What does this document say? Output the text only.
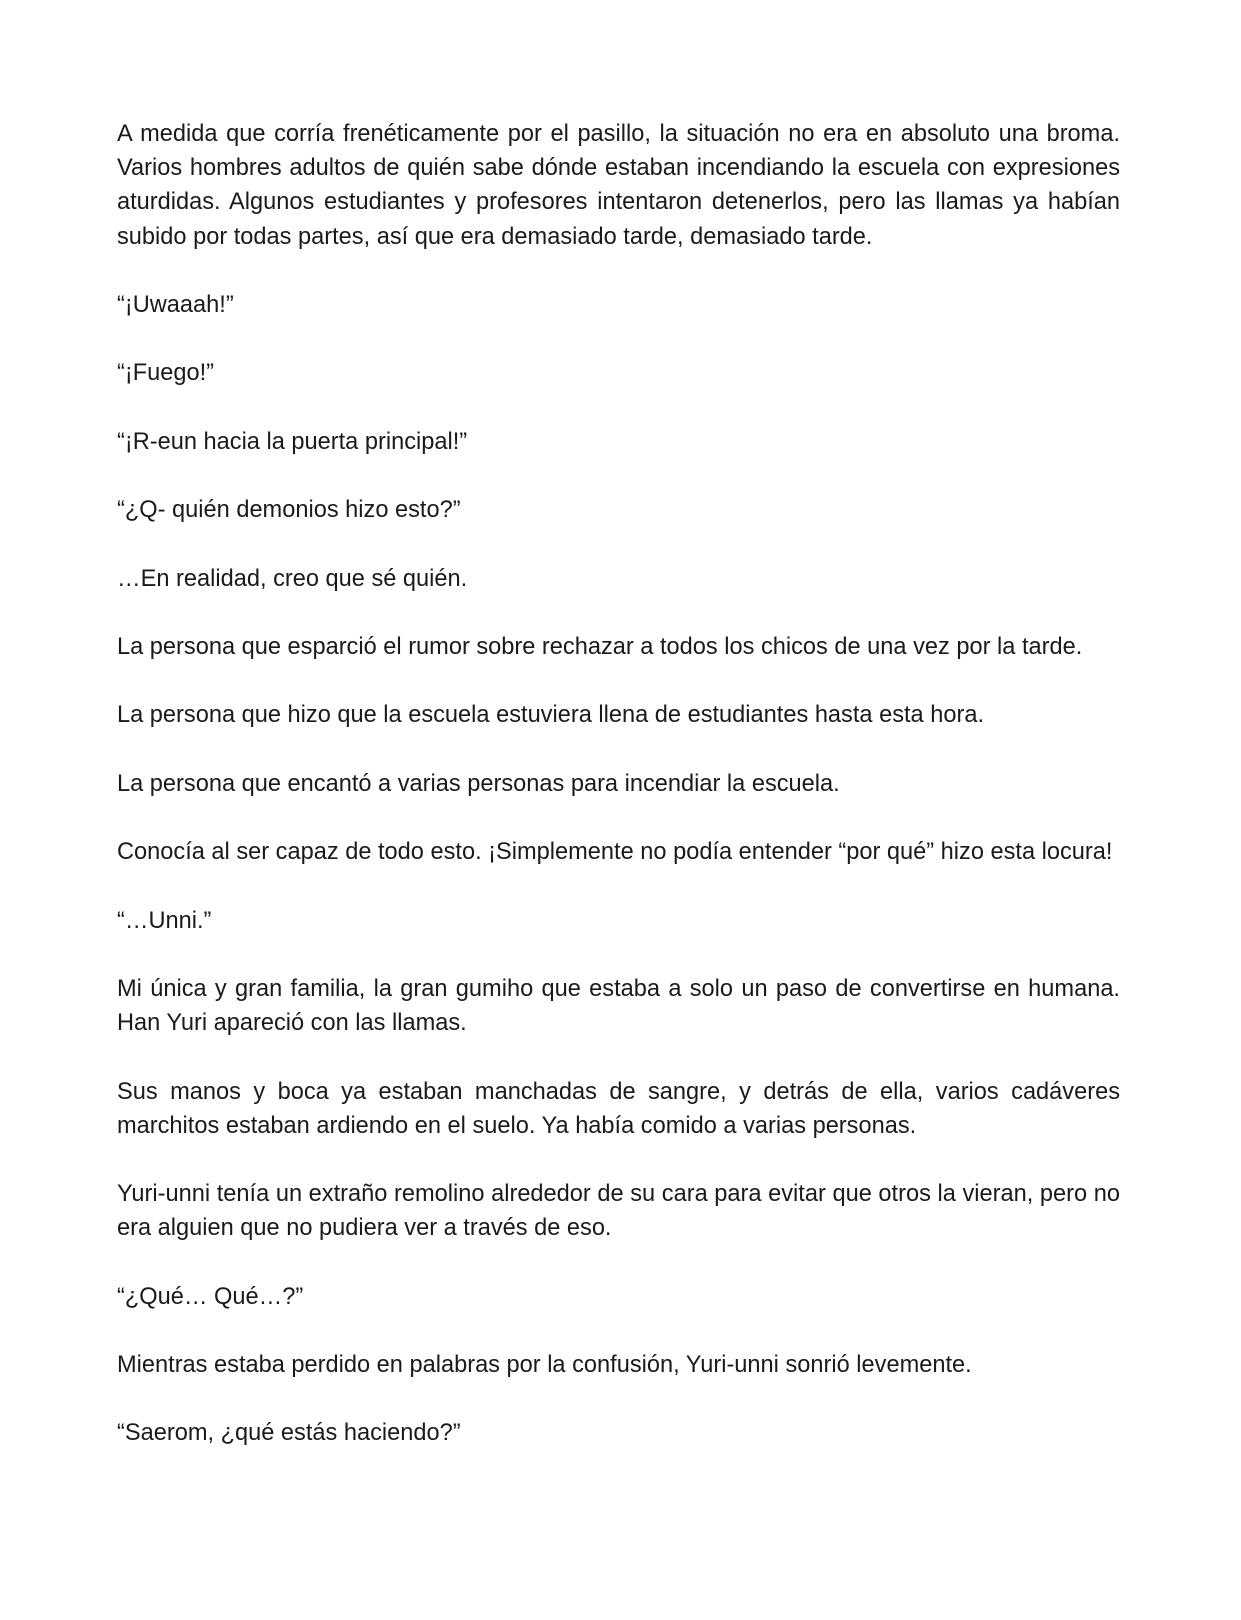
A medida que corría frenéticamente por el pasillo, la situación no era en absoluto una broma. Varios hombres adultos de quién sabe dónde estaban incendiando la escuela con expresiones aturdidas. Algunos estudiantes y profesores intentaron detenerlos, pero las llamas ya habían subido por todas partes, así que era demasiado tarde, demasiado tarde.

“¡Uwaaah!”

“¡Fuego!”

“¡R-eun hacia la puerta principal!”

“¿Q- quién demonios hizo esto?”

…En realidad, creo que sé quién.

La persona que esparció el rumor sobre rechazar a todos los chicos de una vez por la tarde.

La persona que hizo que la escuela estuviera llena de estudiantes hasta esta hora.

La persona que encantó a varias personas para incendiar la escuela.

Conocía al ser capaz de todo esto. ¡Simplemente no podía entender “por qué” hizo esta locura!

“…Unni.”

Mi única y gran familia, la gran gumiho que estaba a solo un paso de convertirse en humana. Han Yuri apareció con las llamas.

Sus manos y boca ya estaban manchadas de sangre, y detrás de ella, varios cadáveres marchitos estaban ardiendo en el suelo. Ya había comido a varias personas.

Yuri-unni tenía un extraño remolino alrededor de su cara para evitar que otros la vieran, pero no era alguien que no pudiera ver a través de eso.

“¿Qué… Qué…?”

Mientras estaba perdido en palabras por la confusión, Yuri-unni sonrió levemente.

“Saerom, ¿qué estás haciendo?”
